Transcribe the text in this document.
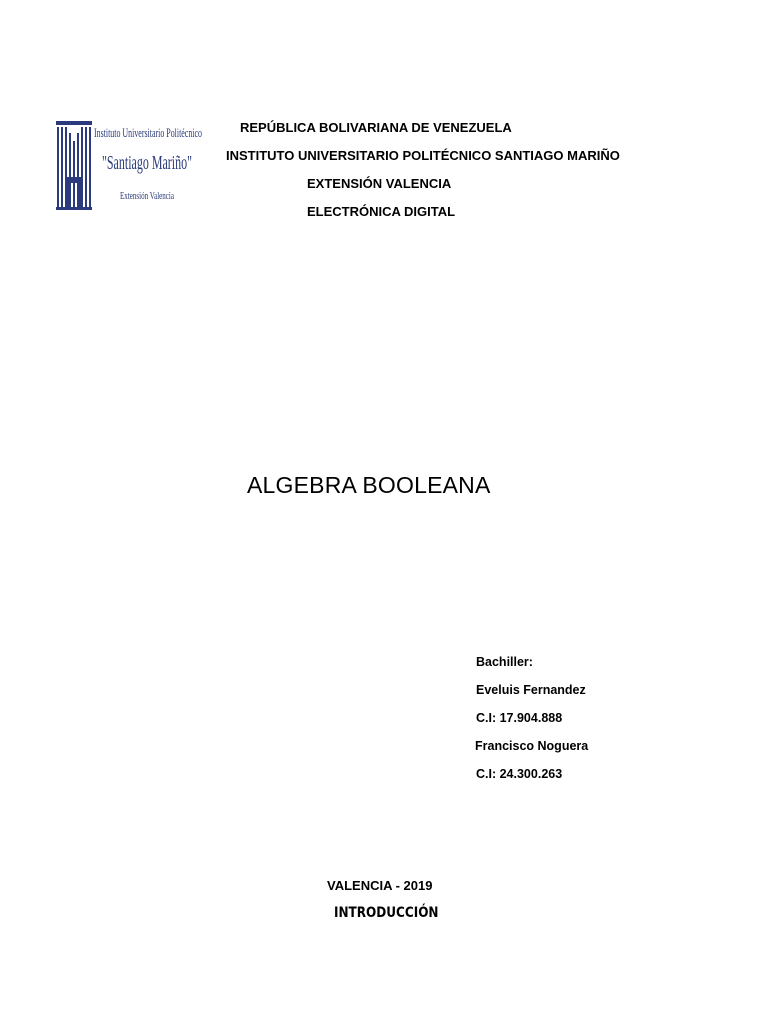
Instituto Universitario Politécnico
"Santiago Mariño"
Extensión Valencia
REPÚBLICA BOLIVARIANA DE VENEZUELA
INSTITUTO UNIVERSITARIO POLITÉCNICO SANTIAGO MARIÑO
EXTENSIÓN VALENCIA
ELECTRÓNICA DIGITAL
ALGEBRA BOOLEANA
Bachiller:
Eveluis Fernandez
C.I: 17.904.888
Francisco Noguera
C.I: 24.300.263
VALENCIA - 2019
INTRODUCCIÓN
